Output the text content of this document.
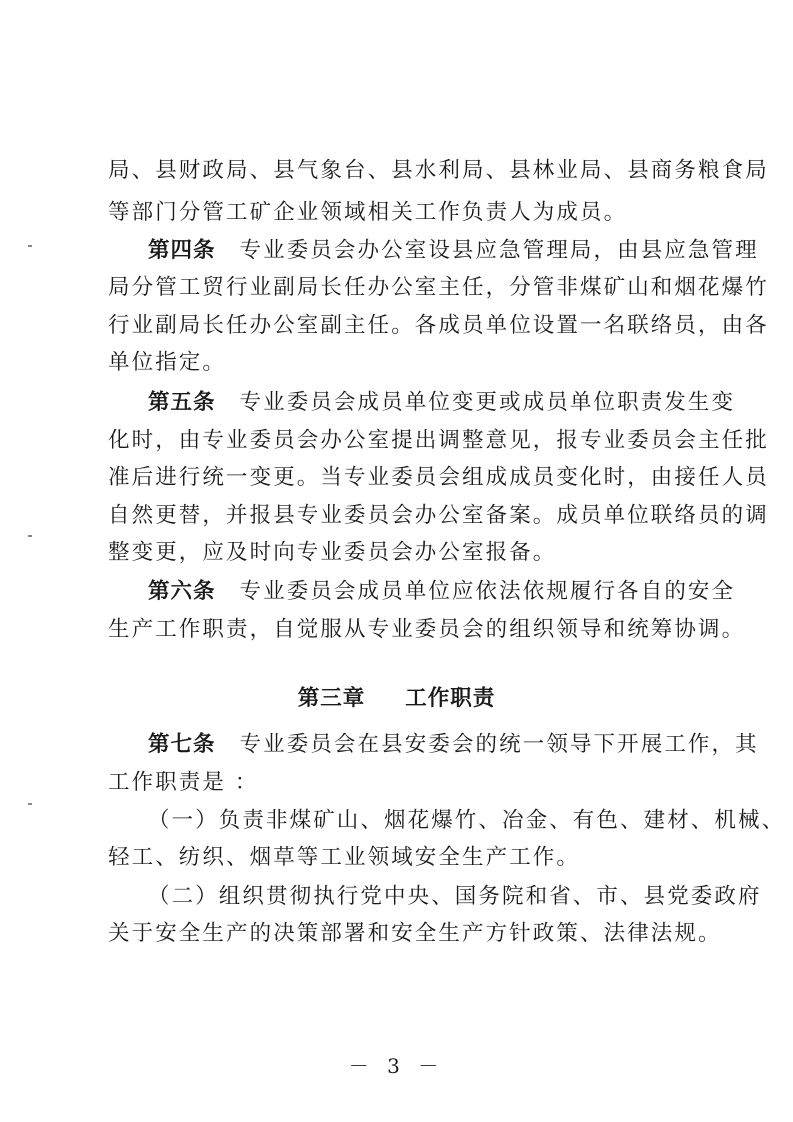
局、县财政局、县气象台、县水利局、县林业局、县商务粮食局
等部门分管工矿企业领域相关工作负责人为成员。
第四条 专业委员会办公室设县应急管理局，由县应急管理
局分管工贸行业副局长任办公室主任，分管非煤矿山和烟花爆竹
行业副局长任办公室副主任。各成员单位设置一名联络员，由各
单位指定。
第五条 专业委员会成员单位变更或成员单位职责发生变
化时，由专业委员会办公室提出调整意见，报专业委员会主任批
准后进行统一变更。当专业委员会组成成员变化时，由接任人员
自然更替，并报县专业委员会办公室备案。成员单位联络员的调
整变更，应及时向专业委员会办公室报备。
第六条 专业委员会成员单位应依法依规履行各自的安全
生产工作职责，自觉服从专业委员会的组织领导和统筹协调。
第三章 工作职责
第七条 专业委员会在县安委会的统一领导下开展工作，其
工作职责是 ：
（一）负责非煤矿山、烟花爆竹、冶金、有色、建材、机械、
轻工、纺织、烟草等工业领域安全生产工作。
（二）组织贯彻执行党中央、国务院和省、市、县党委政府
关于安全生产的决策部署和安全生产方针政策、法律法规。
－ 3 －
